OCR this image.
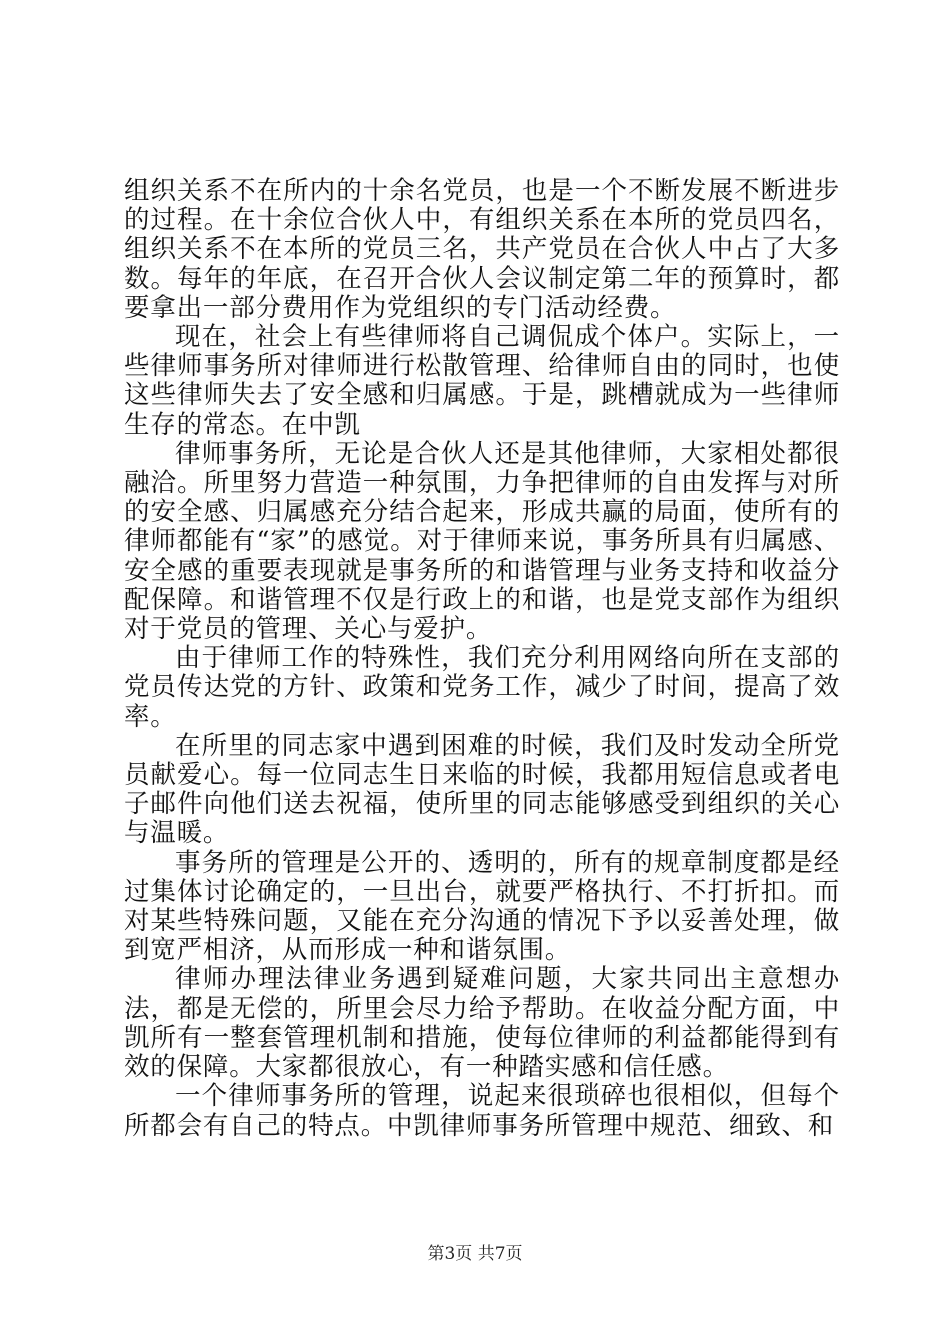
组织关系不在所内的十余名党员，也是一个不断发展不断进步的过程。在十余位合伙人中，有组织关系在本所的党员四名，组织关系不在本所的党员三名，共产党员在合伙人中占了大多数。每年的年底，在召开合伙人会议制定第二年的预算时，都要拿出一部分费用作为党组织的专门活动经费。

现在，社会上有些律师将自己调侃成个体户。实际上，一些律师事务所对律师进行松散管理、给律师自由的同时，也使这些律师失去了安全感和归属感。于是，跳槽就成为一些律师生存的常态。在中凯

律师事务所，无论是合伙人还是其他律师，大家相处都很融洽。所里努力营造一种氛围，力争把律师的自由发挥与对所的安全感、归属感充分结合起来，形成共赢的局面，使所有的律师都能有“家”的感觉。对于律师来说，事务所具有归属感、安全感的重要表现就是事务所的和谐管理与业务支持和收益分配保障。和谐管理不仅是行政上的和谐，也是党支部作为组织对于党员的管理、关心与爱护。

由于律师工作的特殊性，我们充分利用网络向所在支部的党员传达党的方针、政策和党务工作，减少了时间，提高了效率。

在所里的同志家中遇到困难的时候，我们及时发动全所党员献爱心。每一位同志生日来临的时候，我都用短信息或者电子邮件向他们送去祝福，使所里的同志能够感受到组织的关心与温暖。

事务所的管理是公开的、透明的，所有的规章制度都是经过集体讨论确定的，一旦出台，就要严格执行、不打折扣。而对某些特殊问题，又能在充分沟通的情况下予以妥善处理，做到宽严相济，从而形成一种和谐氛围。

律师办理法律业务遇到疑难问题，大家共同出主意想办法，都是无偿的，所里会尽力给予帮助。在收益分配方面，中凯所有一整套管理机制和措施，使每位律师的利益都能得到有效的保障。大家都很放心，有一种踏实感和信任感。

一个律师事务所的管理，说起来很琐碎也很相似，但每个所都会有自己的特点。中凯律师事务所管理中规范、细致、和

第3页 共7页
